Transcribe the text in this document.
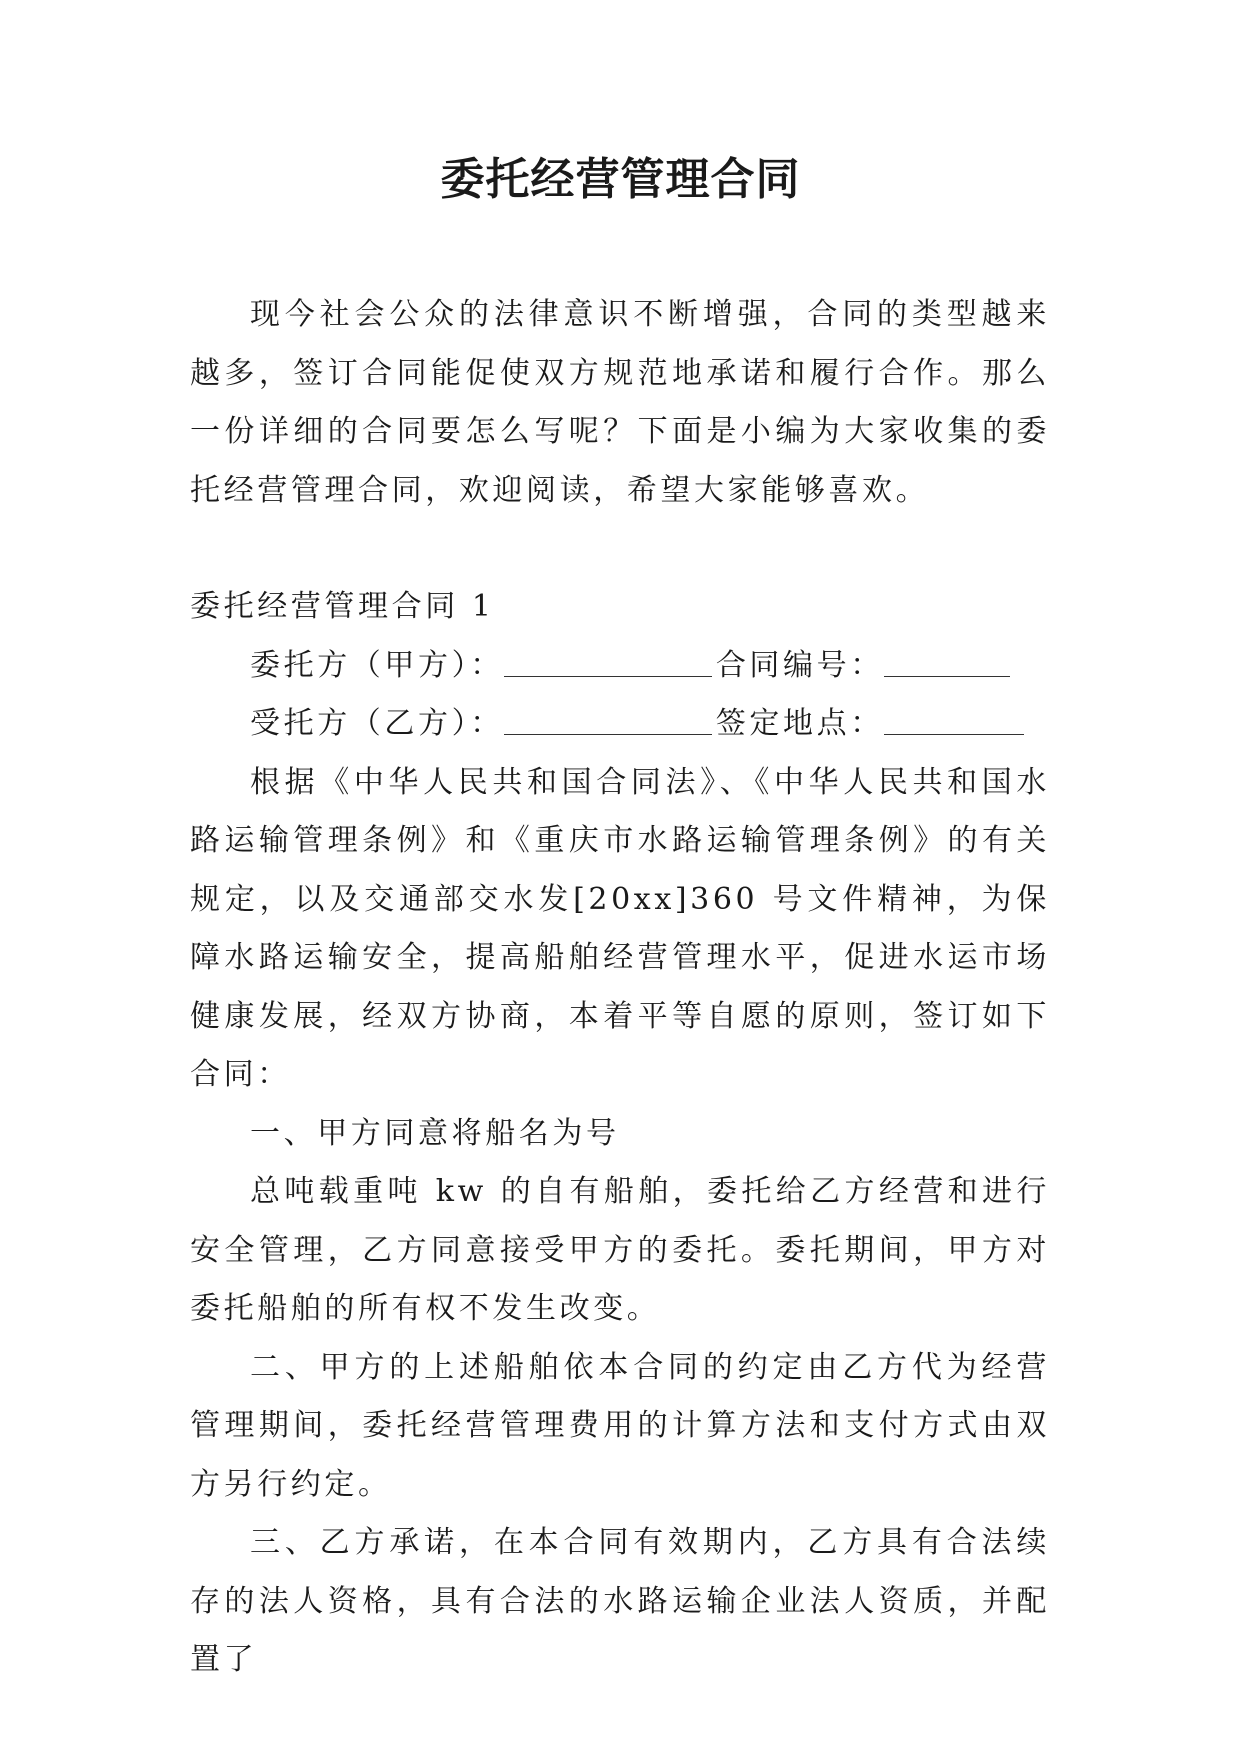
委托经营管理合同

现今社会公众的法律意识不断增强，合同的类型越来越多，签订合同能促使双方规范地承诺和履行合作。那么一份详细的合同要怎么写呢？下面是小编为大家收集的委托经营管理合同，欢迎阅读，希望大家能够喜欢。

委托经营管理合同 1

委托方（甲方）：	合同编号：

受托方（乙方）：	签定地点：

根据《中华人民共和国合同法》、《中华人民共和国水路运输管理条例》和《重庆市水路运输管理条例》的有关规定，以及交通部交水发[20xx]360 号文件精神，为保障水路运输安全，提高船舶经营管理水平，促进水运市场健康发展，经双方协商，本着平等自愿的原则，签订如下合同：

一、甲方同意将船名为号

总吨载重吨 kw 的自有船舶，委托给乙方经营和进行安全管理，乙方同意接受甲方的委托。委托期间，甲方对委托船舶的所有权不发生改变。

二、甲方的上述船舶依本合同的约定由乙方代为经营管理期间，委托经营管理费用的计算方法和支付方式由双方另行约定。

三、乙方承诺，在本合同有效期内，乙方具有合法续存的法人资格，具有合法的水路运输企业法人资质，并配置了
